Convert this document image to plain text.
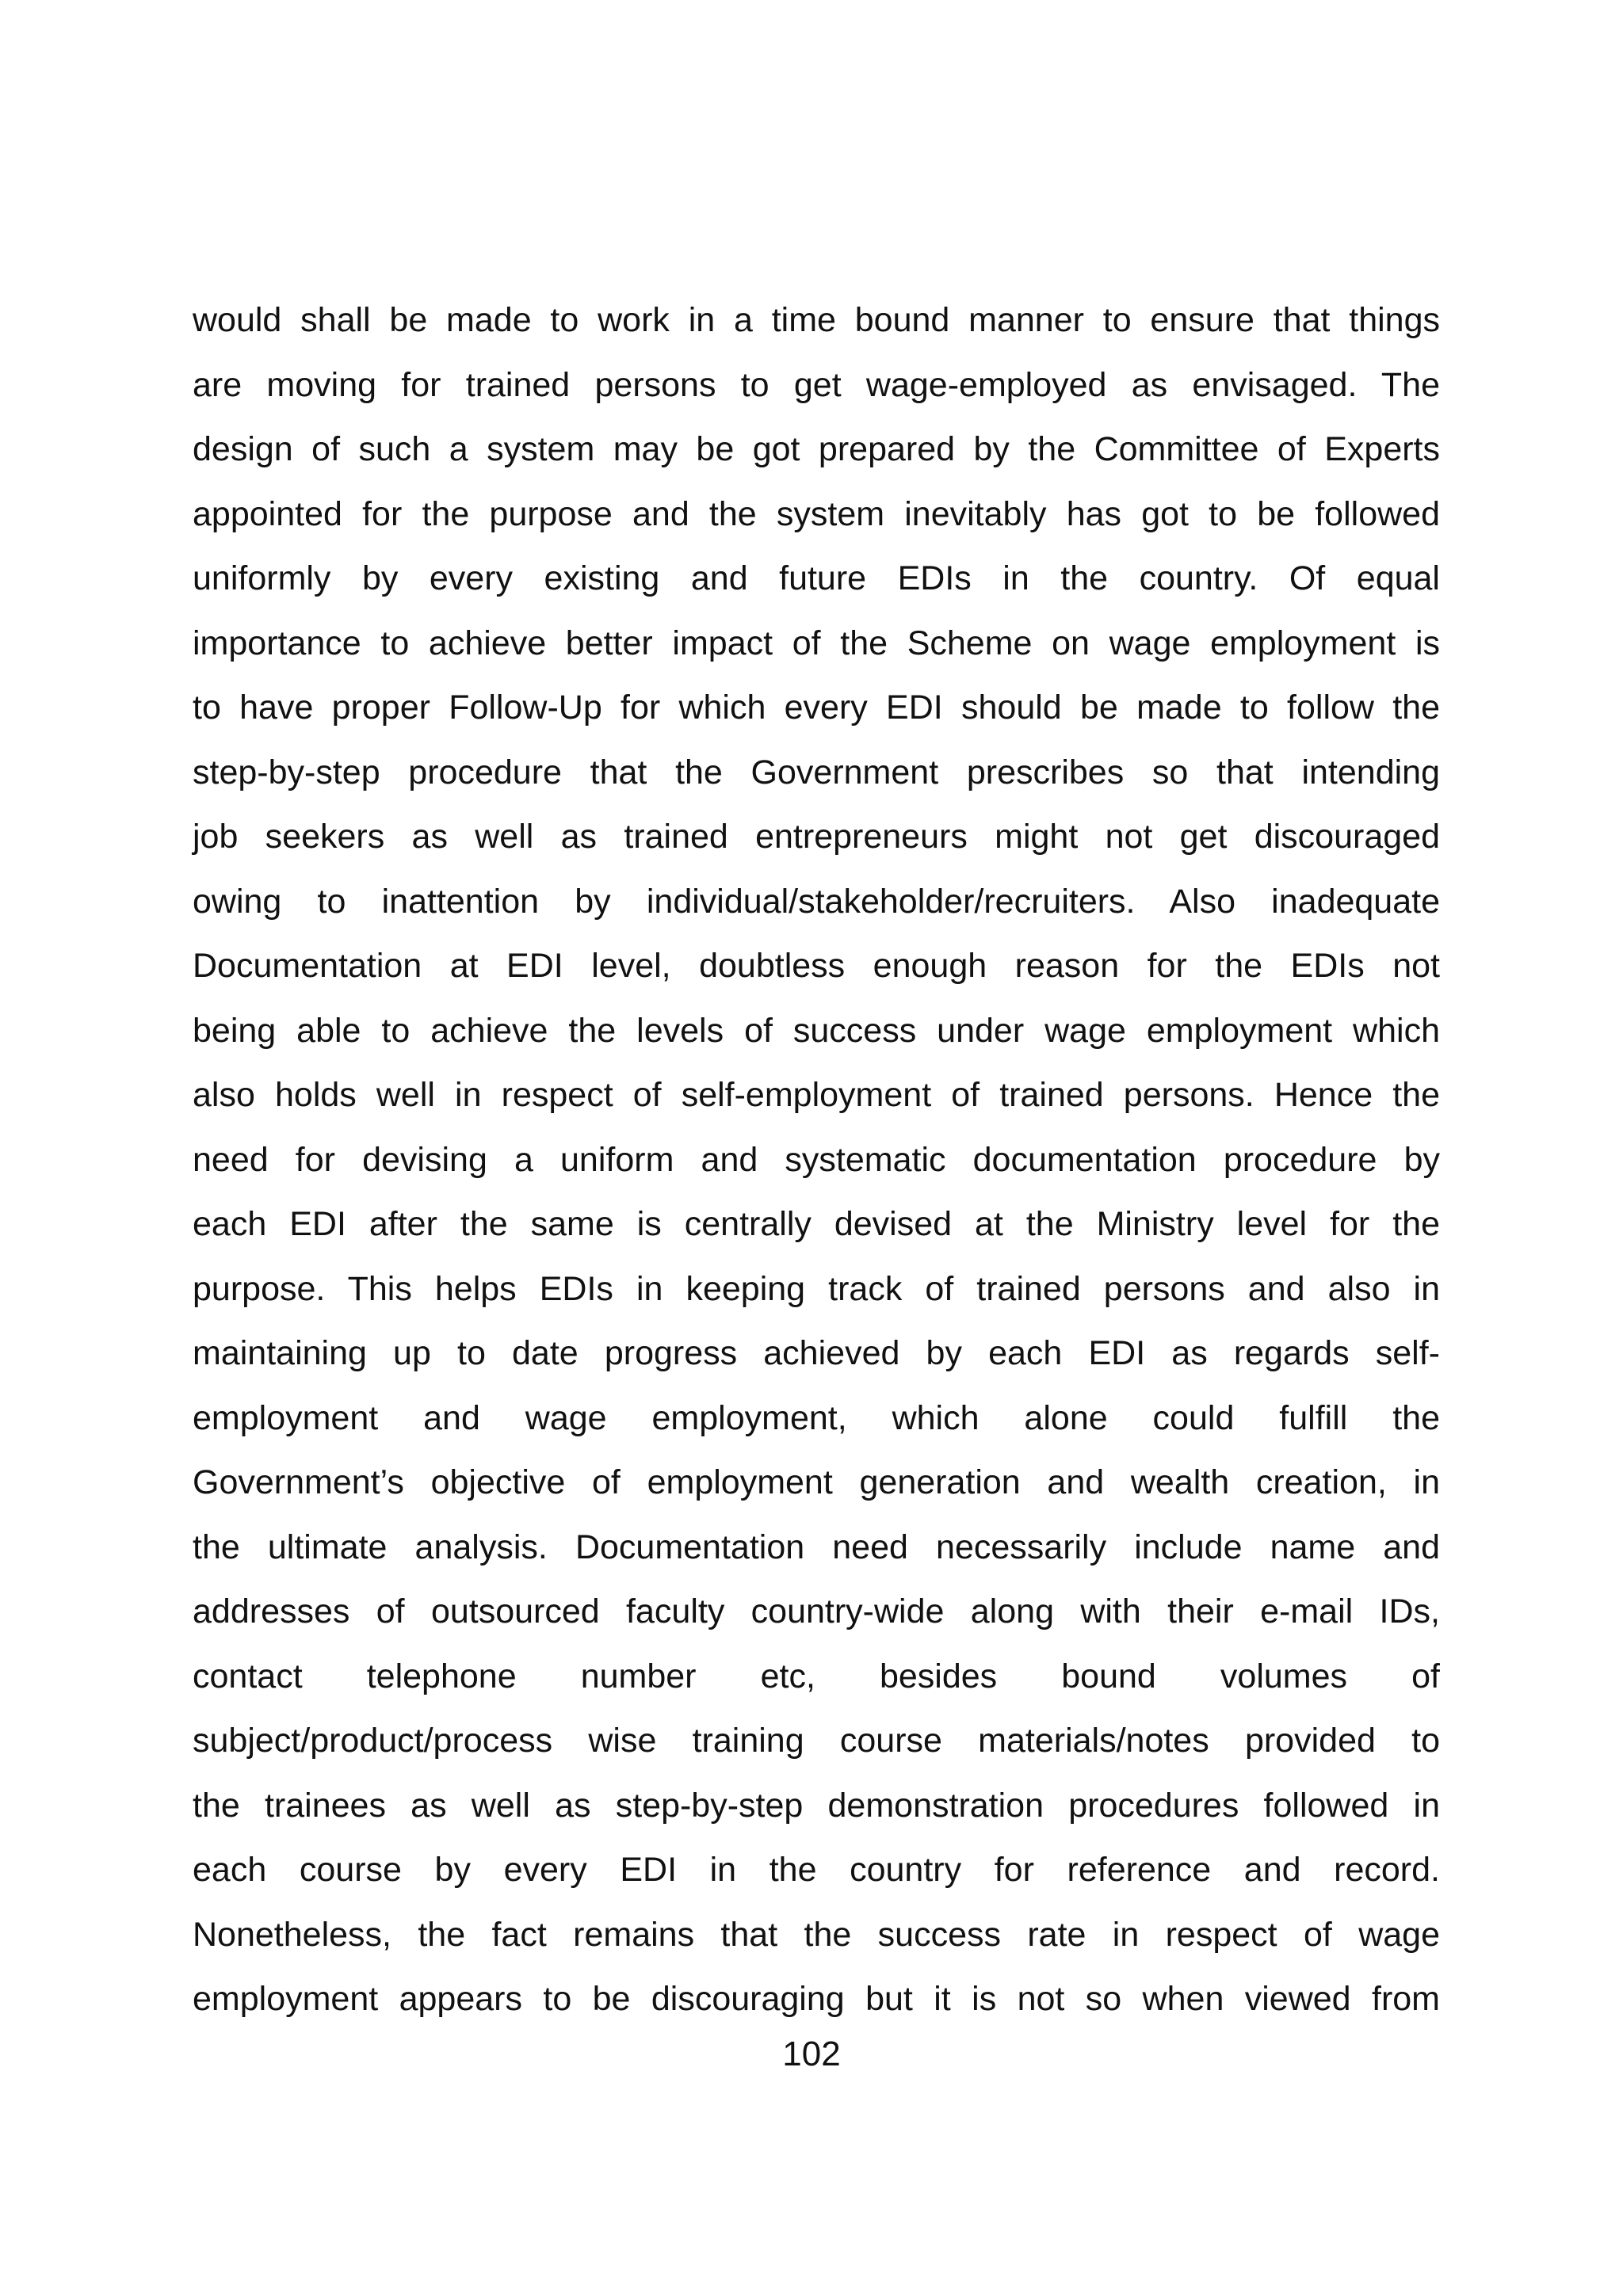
would shall be made to work in a time bound manner to ensure that things
are moving for trained persons to get wage-employed as envisaged. The
design of such a system may be got prepared by the Committee of Experts
appointed for the purpose and the system inevitably has got to be followed
uniformly by every existing and future EDIs in the country. Of equal
importance to achieve better impact of the Scheme on wage employment is
to have proper Follow-Up for which every EDI should be made to follow the
step-by-step procedure that the Government prescribes so that intending
job seekers as well as trained entrepreneurs might not get discouraged
owing to inattention by individual/stakeholder/recruiters. Also inadequate
Documentation at EDI level, doubtless enough reason for the EDIs not
being able to achieve the levels of success under wage employment which
also holds well in respect of self-employment of trained persons. Hence the
need for devising a uniform and systematic documentation procedure by
each EDI after the same is centrally devised at the Ministry level for the
purpose. This helps EDIs in keeping track of trained persons and also in
maintaining up to date progress achieved by each EDI as regards self-
employment and wage employment, which alone could fulfill the
Government’s objective of employment generation and wealth creation, in
the ultimate analysis. Documentation need necessarily include name and
addresses of outsourced faculty country-wide along with their e-mail IDs,
contact telephone number etc, besides bound volumes of
subject/product/process wise training course materials/notes provided to
the trainees as well as step-by-step demonstration procedures followed in
each course by every EDI in the country for reference and record.
Nonetheless, the fact remains that the success rate in respect of wage
employment appears to be discouraging but it is not so when viewed from
102
